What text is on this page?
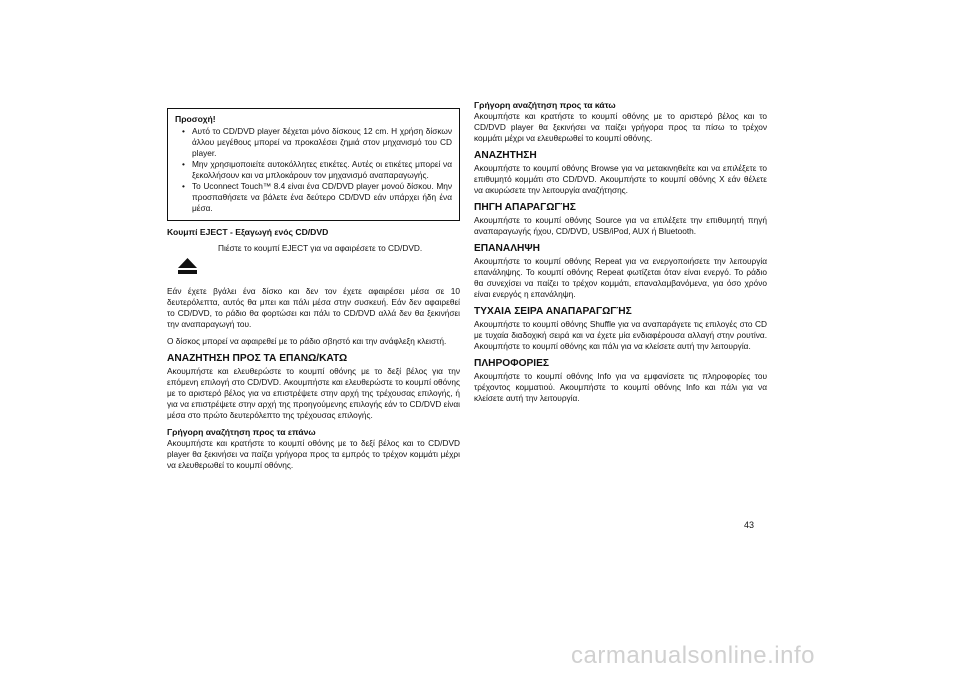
Προσοχή!
• Αυτό το CD/DVD player δέχεται μόνο δίσκους 12 cm. Η χρήση δίσκων άλλου μεγέθους μπορεί να προκαλέσει ζημιά στον μηχανισμό του CD player.
• Μην χρησιμοποιείτε αυτοκόλλητες ετικέτες. Αυτές οι ετικέτες μπορεί να ξεκολλήσουν και να μπλοκάρουν τον μηχανισμό αναπαραγωγής.
• Το Uconnect Touch™ 8.4 είναι ένα CD/DVD player μονού δίσκου. Μην προσπαθήσετε να βάλετε ένα δεύτερο CD/DVD εάν υπάρχει ήδη ένα μέσα.
Κουμπί EJECT - Εξαγωγή ενός CD/DVD
Πιέστε το κουμπί EJECT για να αφαιρέσετε το CD/DVD.

Εάν έχετε βγάλει ένα δίσκο και δεν τον έχετε αφαιρέσει μέσα σε 10 δευτερόλεπτα, αυτός θα μπει και πάλι μέσα στην συσκευή. Εάν δεν αφαιρεθεί το CD/DVD, το ράδιο θα φορτώσει και πάλι το CD/DVD αλλά δεν θα ξεκινήσει την αναπαραγωγή του.

Ο δίσκος μπορεί να αφαιρεθεί με το ράδιο σβηστό και την ανάφλεξη κλειστή.

ΑΝΑΖΗΤΗΣΗ ΠΡΟΣ ΤΑ ΕΠΑΝΩ/ΚΑΤΩ

Ακουμπήστε και ελευθερώστε το κουμπί οθόνης με το δεξί βέλος για την επόμενη επιλογή στο CD/DVD. Ακουμπήστε και ελευθερώστε το κουμπί οθόνης με το αριστερό βέλος για να επιστρέψετε στην αρχή της τρέχουσας επιλογής, ή για να επιστρέψετε στην αρχή της προηγούμενης επιλογής εάν το CD/DVD είναι μέσα στο πρώτο δευτερόλεπτο της τρέχουσας επιλογής.

Γρήγορη αναζήτηση προς τα επάνω

Ακουμπήστε και κρατήστε το κουμπί οθόνης με το δεξί βέλος και το CD/DVD player θα ξεκινήσει να παίζει γρήγορα προς τα εμπρός το τρέχον κομμάτι μέχρι να ελευθερωθεί το κουμπί οθόνης.

Γρήγορη αναζήτηση προς τα κάτω

Ακουμπήστε και κρατήστε το κουμπί οθόνης με το αριστερό βέλος και το CD/DVD player θα ξεκινήσει να παίζει γρήγορα προς τα πίσω το τρέχον κομμάτι μέχρι να ελευθερωθεί το κουμπί οθόνης.

ΑΝΑΖΗΤΗΣΗ

Ακουμπήστε το κουμπί οθόνης Browse για να μετακινηθείτε και να επιλέξετε το επιθυμητό κομμάτι στο CD/DVD. Ακουμπήστε το κουμπί οθόνης X εάν θέλετε να ακυρώσετε την λειτουργία αναζήτησης.

ΠΗΓΗ ΑΠΑΡΑΓΩΓΉΣ

Ακουμπήστε το κουμπί οθόνης Source για να επιλέξετε την επιθυμητή πηγή αναπαραγωγής ήχου, CD/DVD, USB/iPod, AUX ή Bluetooth.

ΕΠΑΝΑΛΗΨΗ

Ακουμπήστε το κουμπί οθόνης Repeat για να ενεργοποιήσετε την λειτουργία επανάληψης. Το κουμπί οθόνης Repeat φωτίζεται όταν είναι ενεργό. Το ράδιο θα συνεχίσει να παίζει το τρέχον κομμάτι, επαναλαμβανόμενα, για όσο χρόνο είναι ενεργός η επανάληψη.

ΤΥΧΑΙΑ ΣΕΙΡΑ ΑΝΑΠΑΡΑΓΩΓΉΣ

Ακουμπήστε το κουμπί οθόνης Shuffle για να αναπαράγετε τις επιλογές στο CD με τυχαία διαδοχική σειρά και να έχετε μία ενδιαφέρουσα αλλαγή στην ρουτίνα. Ακουμπήστε το κουμπί οθόνης και πάλι για να κλείσετε αυτή την λειτουργία.

ΠΛΗΡΟΦΟΡΙΕΣ

Ακουμπήστε το κουμπί οθόνης Info για να εμφανίσετε τις πληροφορίες του τρέχοντος κομματιού. Ακουμπήστε το κουμπί οθόνης Info και πάλι για να κλείσετε αυτή την λειτουργία.

43
carmanualsonline.info
